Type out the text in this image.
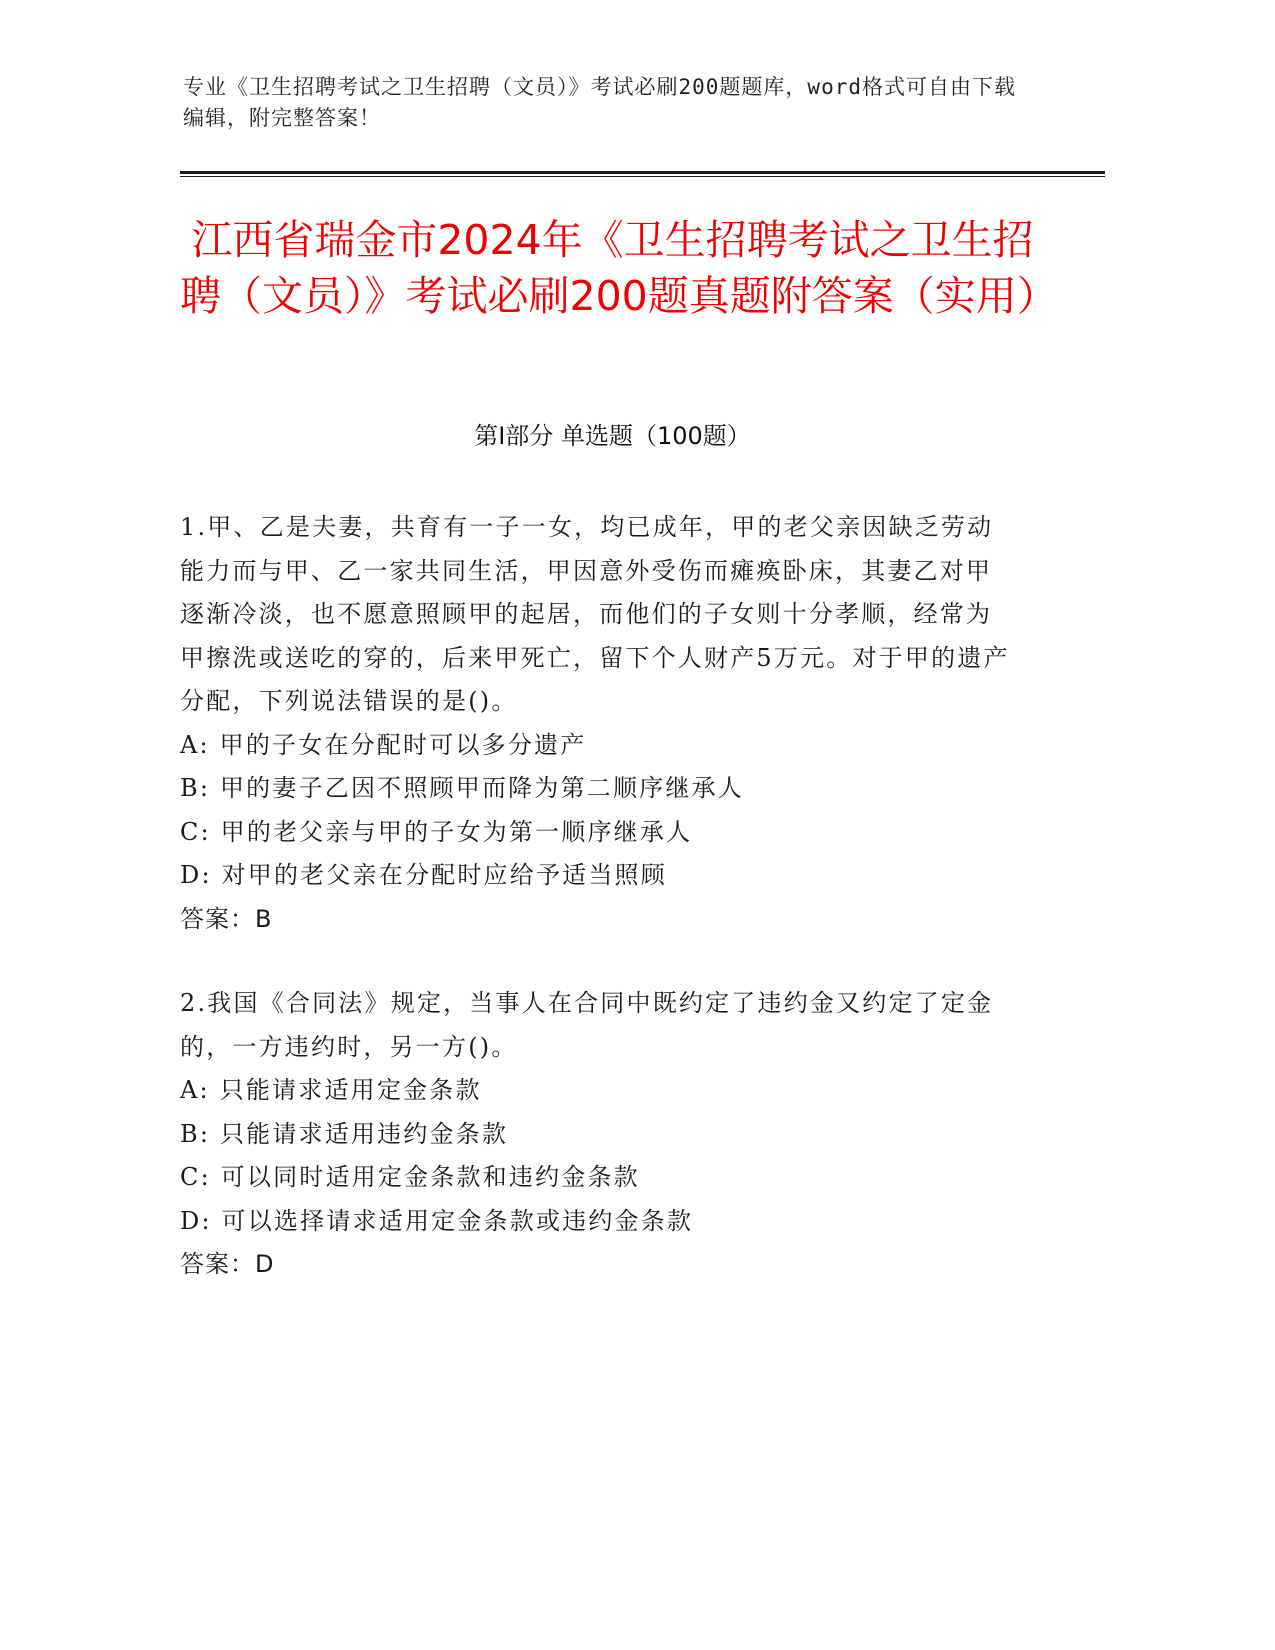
专业《卫生招聘考试之卫生招聘（文员）》考试必刷200题题库，word格式可自由下载编辑，附完整答案！

江西省瑞金市2024年《卫生招聘考试之卫生招聘（文员）》考试必刷200题真题附答案（实用）
第Ⅰ部分 单选题（100题）

1.甲、乙是夫妻，共育有一子一女，均已成年，甲的老父亲因缺乏劳动能力而与甲、乙一家共同生活，甲因意外受伤而瘫痪卧床，其妻乙对甲逐渐冷淡，也不愿意照顾甲的起居，而他们的子女则十分孝顺，经常为甲擦洗或送吃的穿的，后来甲死亡，留下个人财产5万元。对于甲的遗产分配，下列说法错误的是()。

A: 甲的子女在分配时可以多分遗产

B: 甲的妻子乙因不照顾甲而降为第二顺序继承人

C: 甲的老父亲与甲的子女为第一顺序继承人

D: 对甲的老父亲在分配时应给予适当照顾

答案：B

2.我国《合同法》规定，当事人在合同中既约定了违约金又约定了定金的，一方违约时，另一方()。

A: 只能请求适用定金条款

B: 只能请求适用违约金条款

C: 可以同时适用定金条款和违约金条款

D: 可以选择请求适用定金条款或违约金条款

答案：D
